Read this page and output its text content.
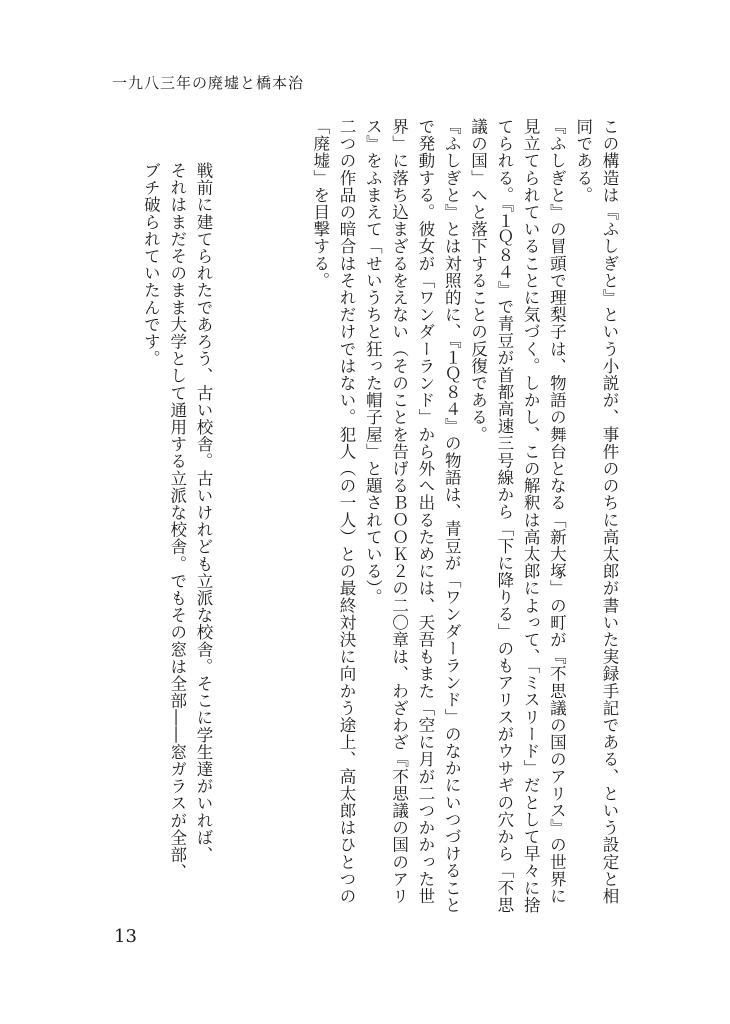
一九八三年の廃墟と橋本治

この構造は『ふしぎと』という小説が、事件ののちに高太郎が書いた実録手記である、という設定と相同である。

『ふしぎと』の冒頭で理梨子は、物語の舞台となる「新大塚」の町が『不思議の国のアリス』の世界に見立てられていることに気づく。しかし、この解釈は高太郎によって、「ミスリード」だとして早々に捨てられる。『１Ｑ８４』で青豆が首都高速三号線から「下に降りる」のもアリスがウサギの穴から「不思議の国」へと落下することの反復である。

『ふしぎと』とは対照的に、『１Ｑ８４』の物語は、青豆が「ワンダーランド」のなかにいつづけることで発動する。彼女が「ワンダーランド」から外へ出るためには、天吾もまた「空に月が二つかかった世界」に落ち込まざるをえない（そのことを告げるＢＯＯＫ２の二〇章は、わざわざ『不思議の国のアリス』をふまえて「せいうちと狂った帽子屋」と題されている）。

二つの作品の暗合はそれだけではない。犯人（の一人）との最終対決に向かう途上、高太郎はひとつの「廃墟」を目撃する。

戦前に建てられたであろう、古い校舎。古いけれども立派な校舎。そこに学生達がいれば、

それはまだそのまま大学として通用する立派な校舎。でもその窓は全部――窓ガラスが全部、

ブチ破られていたんです。

13
